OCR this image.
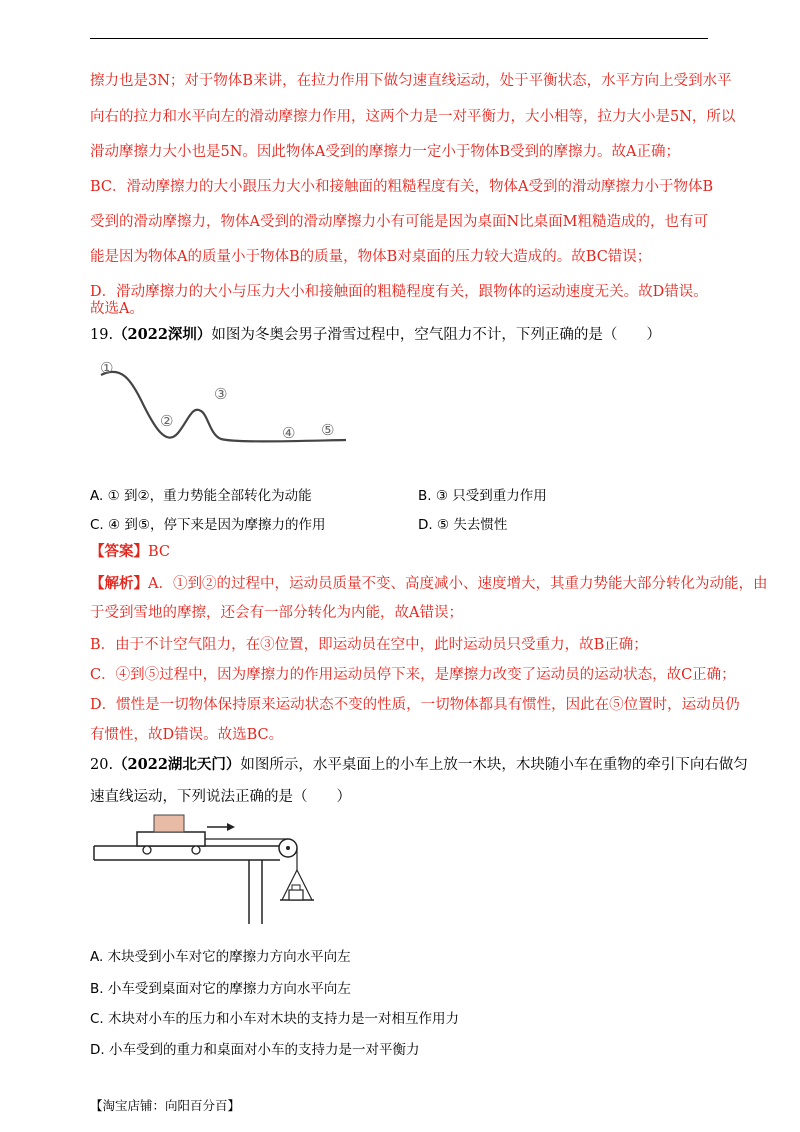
擦力也是3N；对于物体B来讲，在拉力作用下做匀速直线运动，处于平衡状态，水平方向上受到水平
向右的拉力和水平向左的滑动摩擦力作用，这两个力是一对平衡力，大小相等，拉力大小是5N，所以
滑动摩擦力大小也是5N。因此物体A受到的摩擦力一定小于物体B受到的摩擦力。故A正确；
BC．滑动摩擦力的大小跟压力大小和接触面的粗糙程度有关，物体A受到的滑动摩擦力小于物体B
受到的滑动摩擦力，物体A受到的滑动摩擦力小有可能是因为桌面N比桌面M粗糙造成的，也有可
能是因为物体A的质量小于物体B的质量，物体B对桌面的压力较大造成的。故BC错误；
D．滑动摩擦力的大小与压力大小和接触面的粗糙程度有关，跟物体的运动速度无关。故D错误。
故选A。
19.（2022深圳）如图为冬奥会男子滑雪过程中，空气阻力不计，下列正确的是（　　）
①
②
③
④ ⑤
A. ① 到②，重力势能全部转化为动能	B. ③ 只受到重力作用
C. ④ 到⑤，停下来是因为摩擦力的作用	D. ⑤ 失去惯性
【答案】BC
【解析】A．①到②的过程中，运动员质量不变、高度减小、速度增大，其重力势能大部分转化为动能，由
于受到雪地的摩擦，还会有一部分转化为内能，故A错误；
B．由于不计空气阻力，在③位置，即运动员在空中，此时运动员只受重力，故B正确；
C．④到⑤过程中，因为摩擦力的作用运动员停下来，是摩擦力改变了运动员的运动状态，故C正确；
D．惯性是一切物体保持原来运动状态不变的性质，一切物体都具有惯性，因此在⑤位置时，运动员仍
有惯性，故D错误。故选BC。
20.（2022湖北天门）如图所示，水平桌面上的小车上放一木块，木块随小车在重物的牵引下向右做匀
速直线运动，下列说法正确的是（　　）
A. 木块受到小车对它的摩擦力方向水平向左
B. 小车受到桌面对它的摩擦力方向水平向左
C. 木块对小车的压力和小车对木块的支持力是一对相互作用力
D. 小车受到的重力和桌面对小车的支持力是一对平衡力
【淘宝店铺：向阳百分百】
